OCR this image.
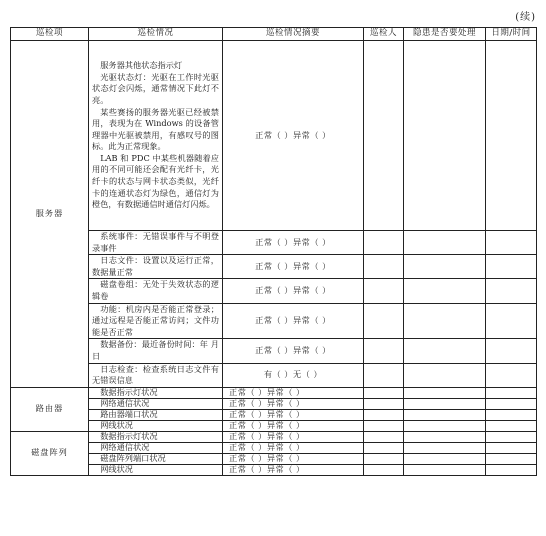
(续)
巡检项	巡检情况	巡检情况摘要	巡检人	隐患是否要处理	日期/时间
服务器	服务器其他状态指示灯

光驱状态灯：光驱在工作时光驱状态灯会闪烁，通常情况下此灯不亮。

某些赛扬的服务器光驱已经被禁用，表现为在 Windows 的设备管理器中光驱被禁用，有感叹号的图标。此为正常现象。

LAB 和 PDC 中某些机器随着应用的不同可能还会配有光纤卡，光纤卡的状态与网卡状态类似，光纤卡的连通状态灯为绿色，通信灯为橙色，有数据通信时通信灯闪烁。	正常（ ）异常（ ）			

	系统事件：无错误事件与不明登录事件	正常（ ）异常（ ）			

	日志文件：设置以及运行正常，数据量正常	正常（ ）异常（ ）			

	磁盘卷组：无处于失效状态的逻辑卷	正常（ ）异常（ ）			

	功能：机房内是否能正常登录；通过远程是否能正常访问；文件功能是否正常	正常（ ）异常（ ）			

	数据备份：最近备份时间：年 月 日	正常（ ）异常（ ）			

	日志检查：检查系统日志文件有无错误信息	有（ ）无（ ）			
路由器	数据指示灯状况	正常（ ）异常（ ）			

	网络通信状况	正常（ ）异常（ ）			

	路由器端口状况	正常（ ）异常（ ）			

	网线状况	正常（ ）异常（ ）			
磁盘阵列	数据指示灯状况	正常（ ）异常（ ）			

	网络通信状况	正常（ ）异常（ ）			

	磁盘阵列端口状况	正常（ ）异常（ ）			

	网线状况	正常（ ）异常（ ）			
